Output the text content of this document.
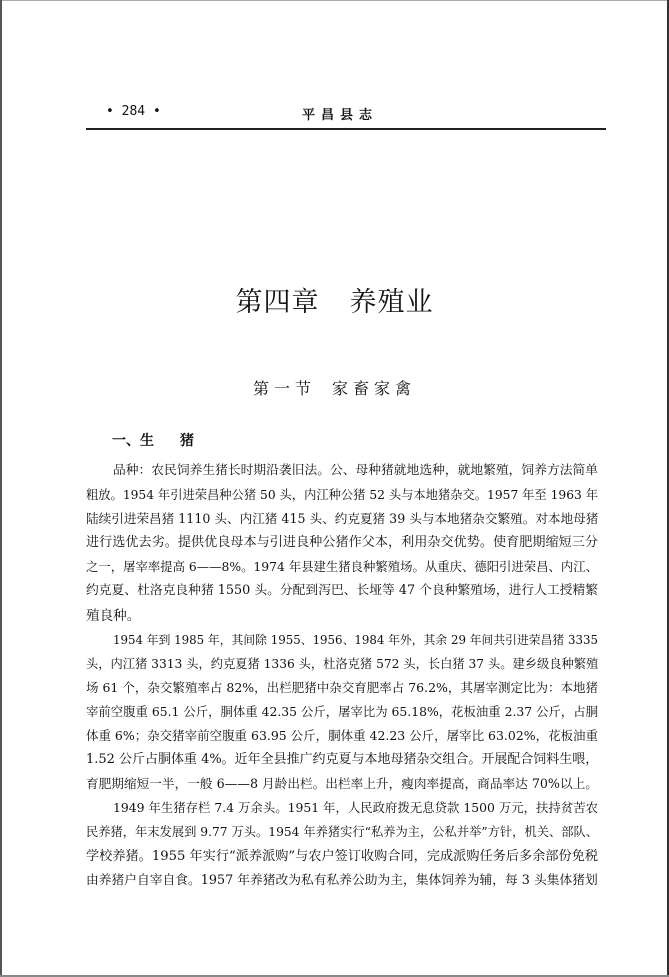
• 284 •	平昌县志
第四章 养殖业
第一节 家畜家禽
一、生 猪
品种：农民饲养生猪长时期沿袭旧法。公、母种猪就地选种，就地繁殖，饲养方法简单
粗放。1954 年引进荣昌种公猪 50 头，内江种公猪 52 头与本地猪杂交。1957 年至 1963 年
陆续引进荣昌猪 1110 头、内江猪 415 头、约克夏猪 39 头与本地猪杂交繁殖。对本地母猪
进行选优去劣。提供优良母本与引进良种公猪作父本，利用杂交优势。使育肥期缩短三分
之一，屠宰率提高 6——8%。1974 年县建生猪良种繁殖场。从重庆、德阳引进荣昌、内江、
约克夏、杜洛克良种猪 1550 头。分配到泻巴、长垭等 47 个良种繁殖场，进行人工授精繁
殖良种。
1954 年到 1985 年，其间除 1955、1956、1984 年外，其余 29 年间共引进荣昌猪 3335
头，内江猪 3313 头，约克夏猪 1336 头，杜洛克猪 572 头，长白猪 37 头。建乡级良种繁殖
场 61 个，杂交繁殖率占 82%，出栏肥猪中杂交育肥率占 76.2%，其屠宰测定比为：本地猪
宰前空腹重 65.1 公斤，胴体重 42.35 公斤，屠宰比为 65.18%，花板油重 2.37 公斤，占胴
体重 6%；杂交猪宰前空腹重 63.95 公斤，胴体重 42.23 公斤，屠宰比 63.02%，花板油重
1.52 公斤占胴体重 4%。近年全县推广约克夏与本地母猪杂交组合。开展配合饲料生喂，
育肥期缩短一半，一般 6——8 月龄出栏。出栏率上升，瘦肉率提高，商品率达 70%以上。
1949 年生猪存栏 7.4 万余头。1951 年，人民政府拨无息贷款 1500 万元，扶持贫苦农
民养猪，年末发展到 9.77 万头。1954 年养猪实行“私养为主，公私并举”方针，机关、部队、
学校养猪。1955 年实行“派养派购”与农户签订收购合同，完成派购任务后多余部份免税
由养猪户自宰自食。1957 年养猪改为私有私养公助为主，集体饲养为辅，每 3 头集体猪划
